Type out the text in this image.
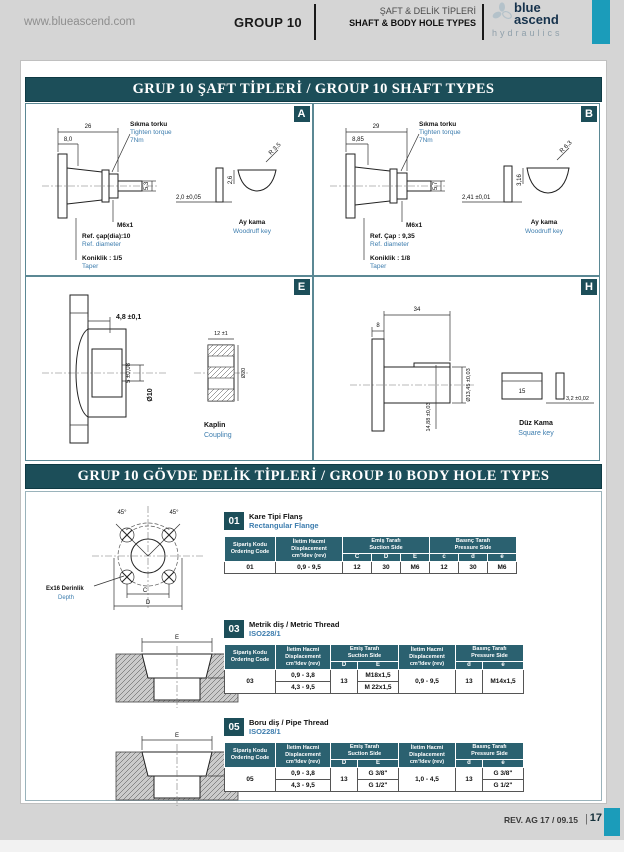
www.blueascend.com	GROUP 10
ŞAFT & DELİK TİPLERİ
SHAFT & BODY HOLE TYPES
blue
ascend
hydraulics
GRUP 10 ŞAFT TİPLERİ / GROUP 10 SHAFT TYPES
A
26
8,0
Sıkma torku
Tighten torque
7Nm
5,3
M6x1
Ref. çap(dia):10
Ref. diameter
Koniklik : 1/5
Taper
2,0 ±0,05
R 3,5
2,6
Ay kama
Woodruff key
B
29
8,85
Sıkma torku
Tighten torque
7Nm
5,7
M6x1
Ref. Çap : 9,35
Ref. diameter
Koniklik : 1/8
Taper
2,41 ±0,01
R 6,3
3,16
Ay kama
Woodruff key
E
4,8 ±0,1
5 ±0,08
Ø10
12 ±1
Ø20
Kaplin
Coupling
H
34
8
Ø13,45 ±0,03
14,88 ±0,03
15
3,2 ±0,02
Düz Kama
Square key
GRUP 10 GÖVDE DELİK TİPLERİ / GROUP 10 BODY HOLE TYPES
45°	45°
C
D
Ex16 Derinlik
Depth
01	Kare Tipi Flanş
Rectangular Flange
Sipariş Kodu
Ordering Code	İletim Hacmi
Displacement
cm³/dev (rev)	Emiş Tarafı
Suction Side			Basınç Tarafı
Pressure Side		

		C	D	E	c	d	e
01	0,9 - 9,5	12	30	M6	12	30	M6
E
03	Metrik diş / Metric Thread
ISO228/1
Sipariş Kodu
Ordering Code	İletim Hacmi
Displacement
cm³/dev (rev)	Emiş Tarafı
Suction Side		İletim Hacmi
Displacement
cm³/dev (rev)	Basınç Tarafı
Pressure Side	

		D	E		d	e
03	0,9 - 3,8	13	M18x1,5	0,9 - 9,5	13	M14x1,5
	4,3 - 9,5		M 22x1,5			
E
05	Boru diş / Pipe Thread
ISO228/1
Sipariş Kodu
Ordering Code	İletim Hacmi
Displacement
cm³/dev (rev)	Emiş Tarafı
Suction Side		İletim Hacmi
Displacement
cm³/dev (rev)	Basınç Tarafı
Pressure Side	

		D	E		d	e
05	0,9 - 3,8	13	G 3/8"	1,0 - 4,5	13	G 3/8"
	4,3 - 9,5		G 1/2"			G 1/2"
REV. AG 17 / 09.15 | 17
